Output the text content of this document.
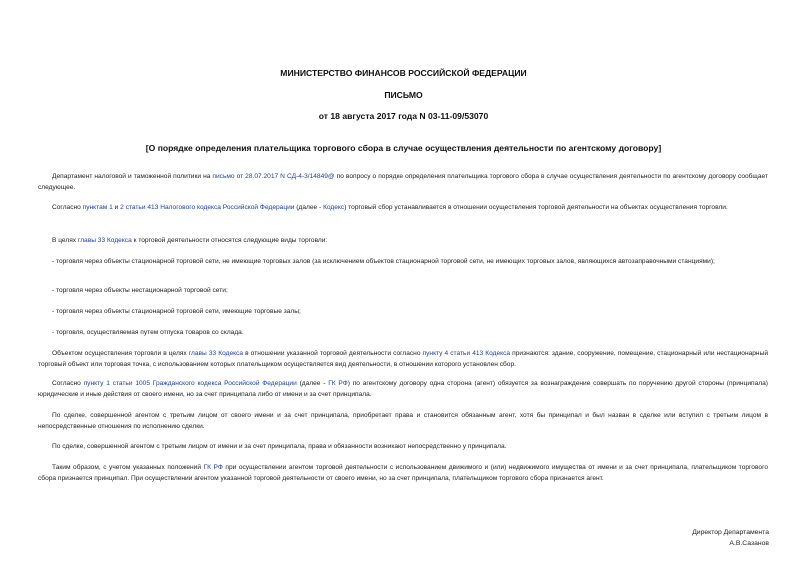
МИНИСТЕРСТВО ФИНАНСОВ РОССИЙСКОЙ ФЕДЕРАЦИИ
ПИСЬМО
от 18 августа 2017 года N 03-11-09/53070
[О порядке определения плательщика торгового сбора в случае осуществления деятельности по агентскому договору]
Департамент налоговой и таможенной политики на письмо от 28.07.2017 N СД-4-3/14849@ по вопросу о порядке определения плательщика торгового сбора в случае осуществления деятельности по агентскому договору сообщает следующее.
Согласно пунктам 1 и 2 статьи 413 Налогового кодекса Российской Федерации (далее - Кодекс) торговый сбор устанавливается в отношении осуществления торговой деятельности на объектах осуществления торговли.
В целях главы 33 Кодекса к торговой деятельности относятся следующие виды торговли:
- торговля через объекты стационарной торговой сети, не имеющие торговых залов (за исключением объектов стационарной торговой сети, не имеющих торговых залов, являющихся автозаправочными станциями);
- торговля через объекты нестационарной торговой сети;
- торговля через объекты стационарной торговой сети, имеющие торговые залы;
- торговля, осуществляемая путем отпуска товаров со склада.
Объектом осуществления торговли в целях главы 33 Кодекса в отношении указанной торговой деятельности согласно пункту 4 статьи 413 Кодекса признаются: здание, сооружение, помещение, стационарный или нестационарный торговый объект или торговая точка, с использованием которых плательщиком осуществляется вид деятельности, в отношении которого установлен сбор.
Согласно пункту 1 статьи 1005 Гражданского кодекса Российской Федерации (далее - ГК РФ) по агентскому договору одна сторона (агент) обязуется за вознаграждение совершать по поручению другой стороны (принципала) юридические и иные действия от своего имени, но за счет принципала либо от имени и за счет принципала.
По сделке, совершенной агентом с третьим лицом от своего имени и за счет принципала, приобретает права и становится обязанным агент, хотя бы принципал и был назван в сделке или вступил с третьим лицом в непосредственные отношения по исполнению сделки.
По сделке, совершенной агентом с третьим лицом от имени и за счет принципала, права и обязанности возникают непосредственно у принципала.
Таким образом, с учетом указанных положений ГК РФ при осуществлении агентом торговой деятельности с использованием движимого и (или) недвижимого имущества от имени и за счет принципала, плательщиком торгового сбора признается принципал. При осуществлении агентом указанной торговой деятельности от своего имени, но за счет принципала, плательщиком торгового сбора признается агент.
Директор Департамента
А.В.Сазанов
